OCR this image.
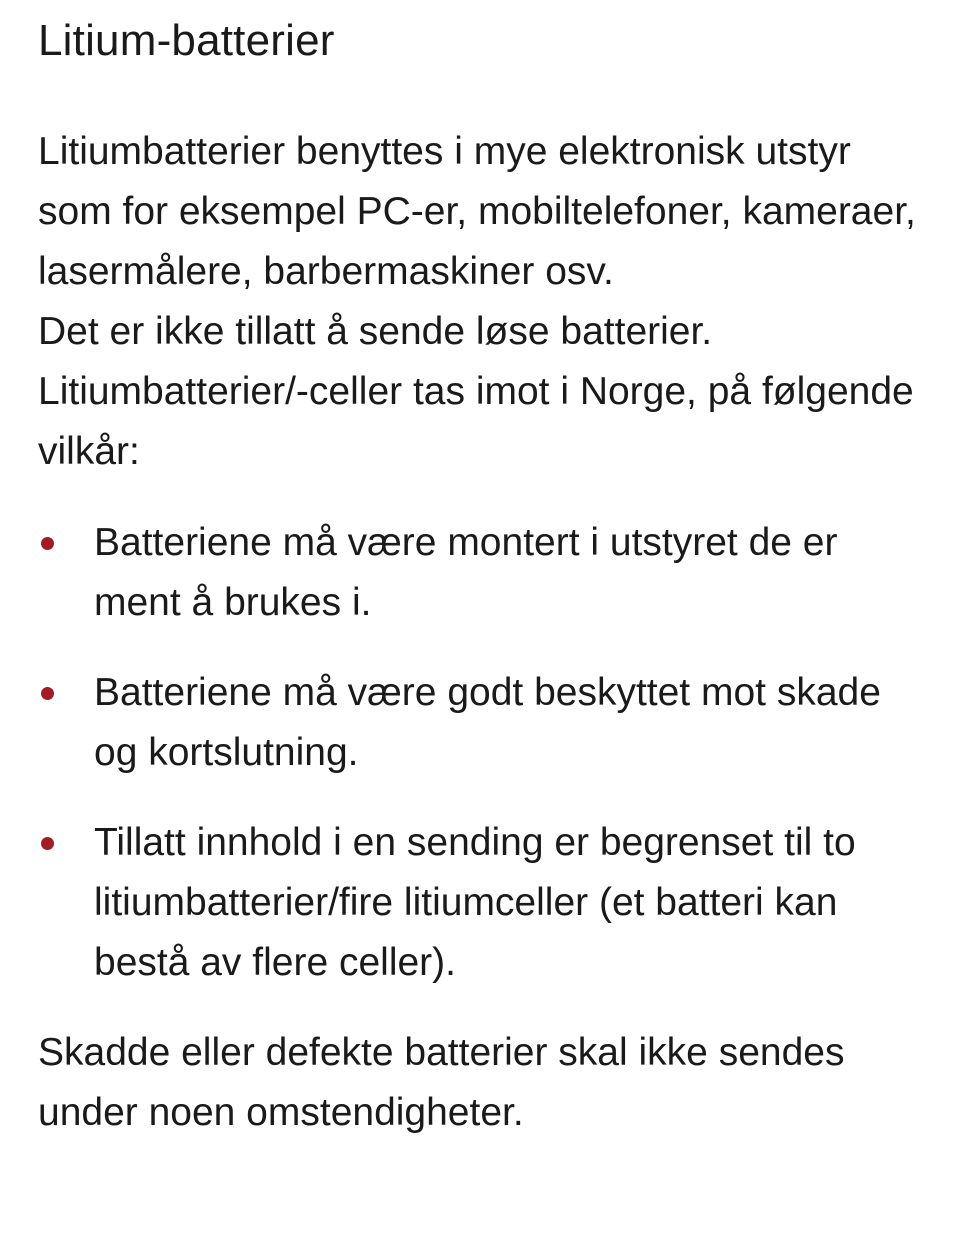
Litium-batterier

Litiumbatterier benyttes i mye elektronisk utstyr som for eksempel PC-er, mobiltelefoner, kameraer, lasermålere, barbermaskiner osv.
Det er ikke tillatt å sende løse batterier.
Litiumbatterier/-celler tas imot i Norge, på følgende vilkår:

Batteriene må være montert i utstyret de er ment å brukes i.
Batteriene må være godt beskyttet mot skade og kortslutning.
Tillatt innhold i en sending er begrenset til to litiumbatterier/fire litiumceller (et batteri kan bestå av flere celler).

Skadde eller defekte batterier skal ikke sendes under noen omstendigheter.
